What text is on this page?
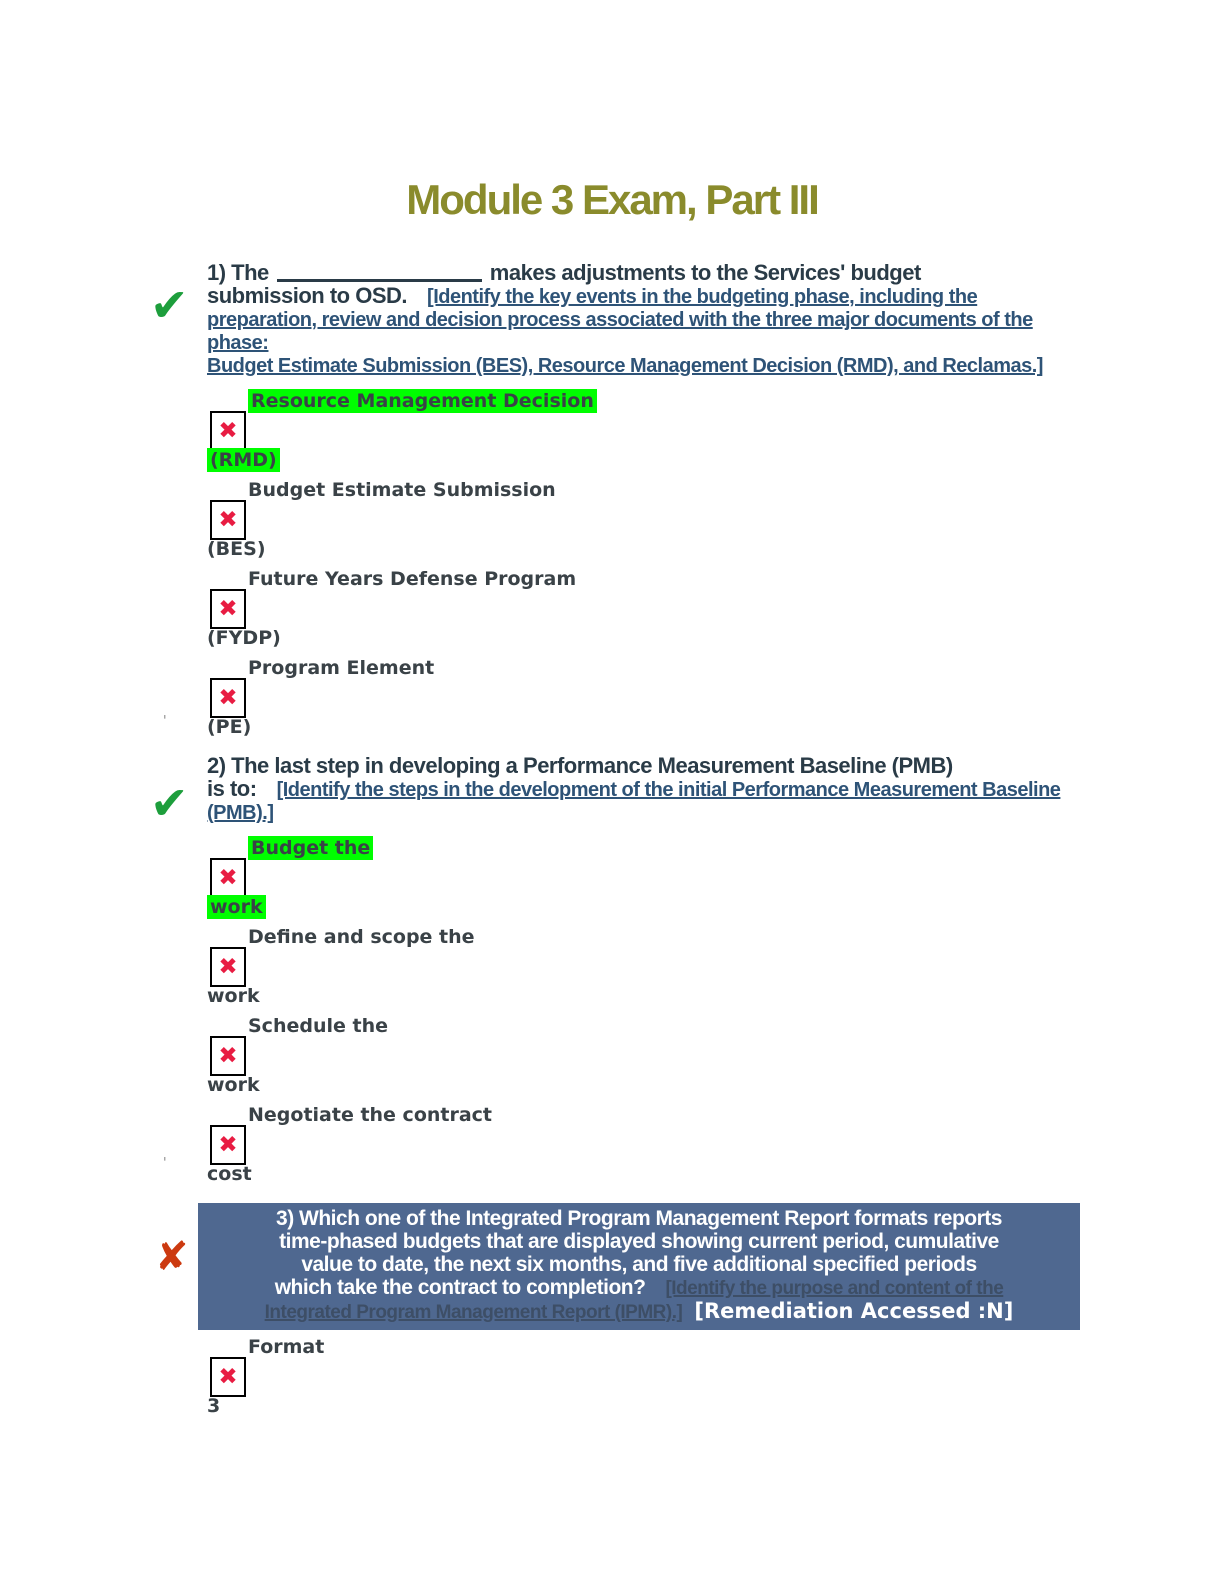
Module 3 Exam, Part III
✔
1) The	makes adjustments to the Services' budget
submission to OSD. [Identify the key events in the budgeting phase, including the
preparation, review and decision process associated with the three major documents of the phase:
Budget Estimate Submission (BES), Resource Management Decision (RMD), and Reclamas.]
Resource Management Decision
✖
(RMD)
Budget Estimate Submission
✖
(BES)
Future Years Defense Program
✖
(FYDP)
Program Element
✖
(PE)
'
✔
2) The last step in developing a Performance Measurement Baseline (PMB)
is to: [Identify the steps in the development of the initial Performance Measurement Baseline
(PMB).]
Budget the
✖
work
Define and scope the
✖
work
Schedule the
✖
work
Negotiate the contract
✖
cost
'
✘
3) Which one of the Integrated Program Management Report formats reports
time-phased budgets that are displayed showing current period, cumulative
value to date, the next six months, and five additional specified periods
which take the contract to completion? [Identify the purpose and content of the
Integrated Program Management Report (IPMR).] [Remediation Accessed :N]
Format
✖
3
